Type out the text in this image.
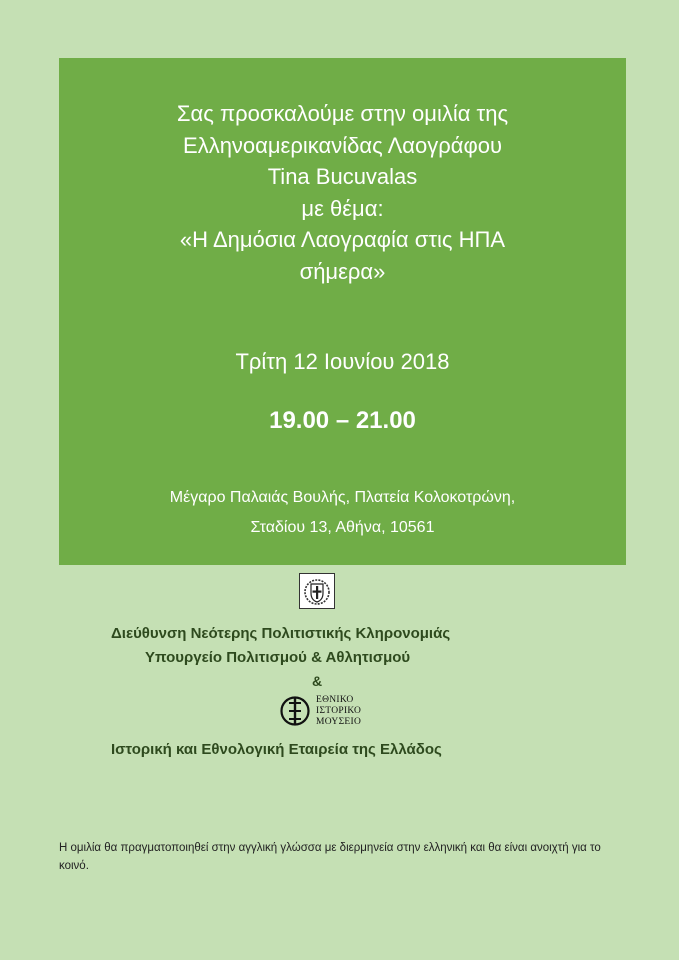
Σας προσκαλούμε στην ομιλία της
Ελληνοαμερικανίδας Λαογράφου
Tina Bucuvalas
με θέμα:
«Η Δημόσια Λαογραφία στις ΗΠΑ
σήμερα»
Τρίτη 12 Ιουνίου 2018
19.00 – 21.00
Μέγαρο Παλαιάς Βουλής, Πλατεία Κολοκοτρώνη,
Σταδίου 13, Αθήνα, 10561
Διεύθυνση Νεότερης Πολιτιστικής Κληρονομιάς
Υπουργείο Πολιτισμού & Αθλητισμού
&
ΕΘΝΙΚΟ
ΙΣΤΟΡΙΚΟ
ΜΟΥΣΕΙΟ
Ιστορική και Εθνολογική Εταιρεία της Ελλάδος
Η ομιλία θα πραγματοποιηθεί στην αγγλική γλώσσα με διερμηνεία στην ελληνική και θα είναι ανοιχτή για το κοινό.
